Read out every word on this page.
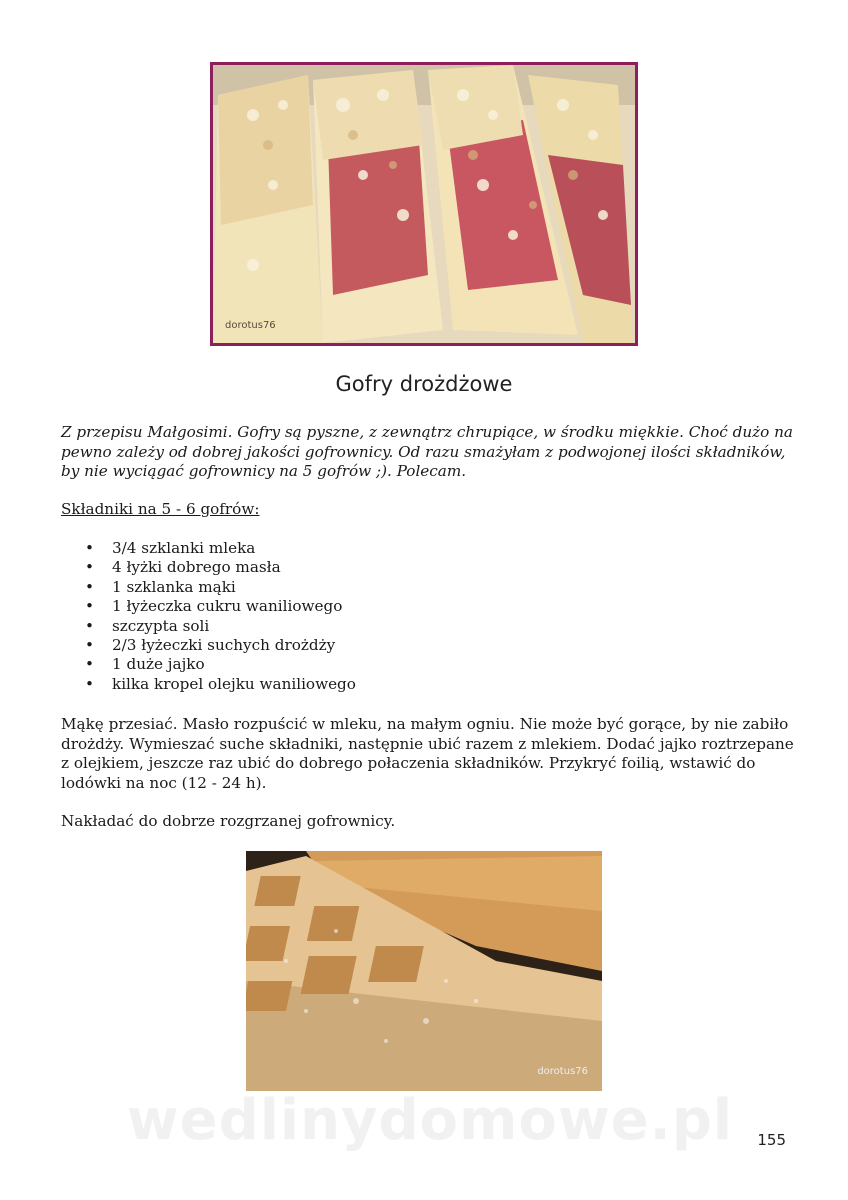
dorotus76
Gofry drożdżowe

Z przepisu Małgosimi. Gofry są pyszne, z zewnątrz chrupiące, w środku miękkie. Choć dużo na pewno zależy od dobrej jakości gofrownicy. Od razu smażyłam z podwojonej ilości składników, by nie wyciągać gofrownicy na 5 gofrów ;). Polecam.

Składniki na 5 - 6 gofrów:

• 3/4 szklanki mleka
• 4 łyżki dobrego masła
• 1 szklanka mąki
• 1 łyżeczka cukru waniliowego
• szczypta soli
• 2/3 łyżeczki suchych drożdży
• 1 duże jajko
• kilka kropel olejku waniliowego

Mąkę przesiać. Masło rozpuścić w mleku, na małym ogniu. Nie może być gorące, by nie zabiło drożdży. Wymieszać suche składniki, następnie ubić razem z mlekiem. Dodać jajko roztrzepane z olejkiem, jeszcze raz ubić do dobrego połaczenia składników. Przykryć foilią, wstawić do lodówki na noc (12 - 24 h).

Nakładać do dobrze rozgrzanej gofrownicy.

dorotus76
wedlinydomowe.pl	155
